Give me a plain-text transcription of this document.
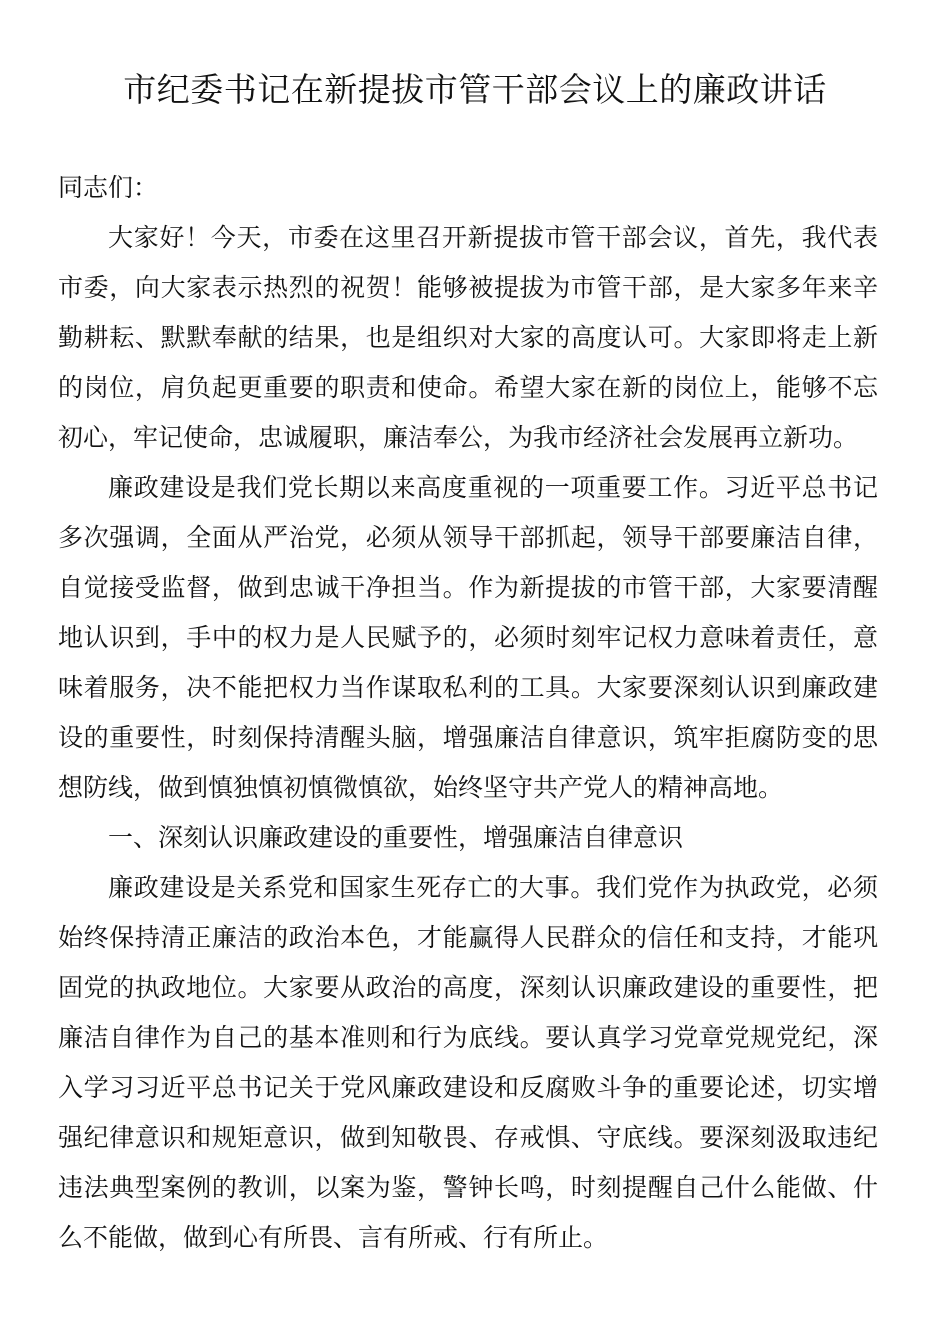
市纪委书记在新提拔市管干部会议上的廉政讲话

同志们：

大家好！今天，市委在这里召开新提拔市管干部会议，首先，我代表市委，向大家表示热烈的祝贺！能够被提拔为市管干部，是大家多年来辛勤耕耘、默默奉献的结果，也是组织对大家的高度认可。大家即将走上新的岗位，肩负起更重要的职责和使命。希望大家在新的岗位上，能够不忘初心，牢记使命，忠诚履职，廉洁奉公，为我市经济社会发展再立新功。

廉政建设是我们党长期以来高度重视的一项重要工作。习近平总书记多次强调，全面从严治党，必须从领导干部抓起，领导干部要廉洁自律，自觉接受监督，做到忠诚干净担当。作为新提拔的市管干部，大家要清醒地认识到，手中的权力是人民赋予的，必须时刻牢记权力意味着责任，意味着服务，决不能把权力当作谋取私利的工具。大家要深刻认识到廉政建设的重要性，时刻保持清醒头脑，增强廉洁自律意识，筑牢拒腐防变的思想防线，做到慎独慎初慎微慎欲，始终坚守共产党人的精神高地。

一、深刻认识廉政建设的重要性，增强廉洁自律意识

廉政建设是关系党和国家生死存亡的大事。我们党作为执政党，必须始终保持清正廉洁的政治本色，才能赢得人民群众的信任和支持，才能巩固党的执政地位。大家要从政治的高度，深刻认识廉政建设的重要性，把廉洁自律作为自己的基本准则和行为底线。要认真学习党章党规党纪，深入学习习近平总书记关于党风廉政建设和反腐败斗争的重要论述，切实增强纪律意识和规矩意识，做到知敬畏、存戒惧、守底线。要深刻汲取违纪违法典型案例的教训，以案为鉴，警钟长鸣，时刻提醒自己什么能做、什么不能做，做到心有所畏、言有所戒、行有所止。
